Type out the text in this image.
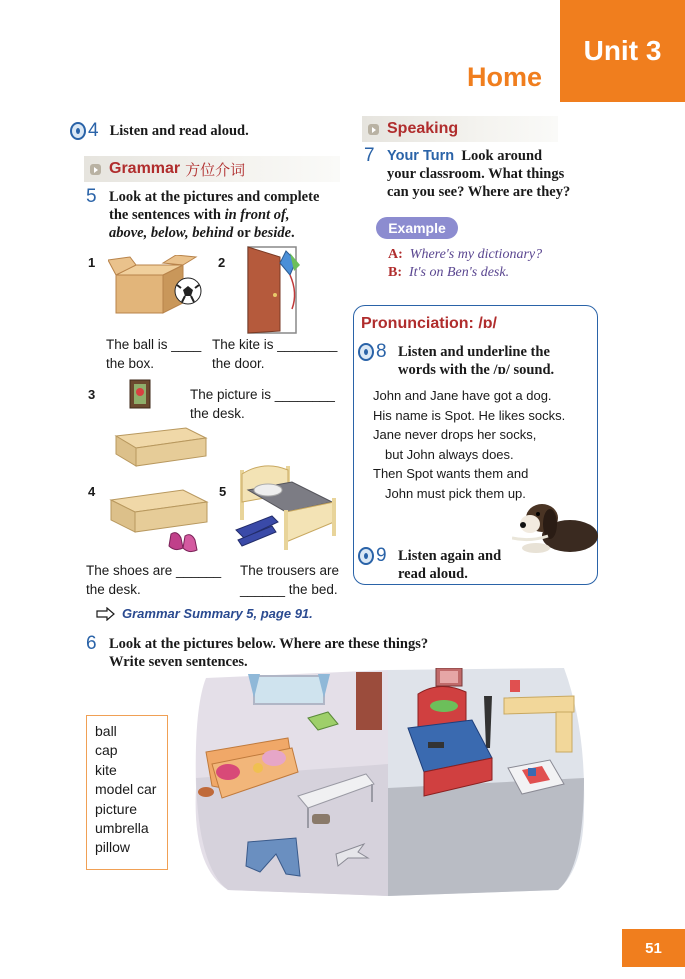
Unit 3
Home
4 Listen and read aloud.
Grammar 方位介词
5 Look at the pictures and complete
the sentences with in front of,
above, below, behind or beside.
1
The ball is ____
the box.
2
The kite is ________
the door.
3	The picture is ________
the desk.
4
The shoes are ______
the desk.
5
The trousers are
______ the bed.
Grammar Summary 5, page 91.
Speaking
7 Your Turn Look around
your classroom. What things
can you see? Where are they?
Example
A: Where's my dictionary?
B: It's on Ben's desk.
Pronunciation: /ɒ/
8 Listen and underline the
words with the /ɒ/ sound.
John and Jane have got a dog.
His name is Spot. He likes socks.
Jane never drops her socks,
but John always does.
Then Spot wants them and
John must pick them up.
9 Listen again and
read aloud.
6 Look at the pictures below. Where are these things?
Write seven sentences.
ball
cap
kite
model car
picture
umbrella
pillow
51
